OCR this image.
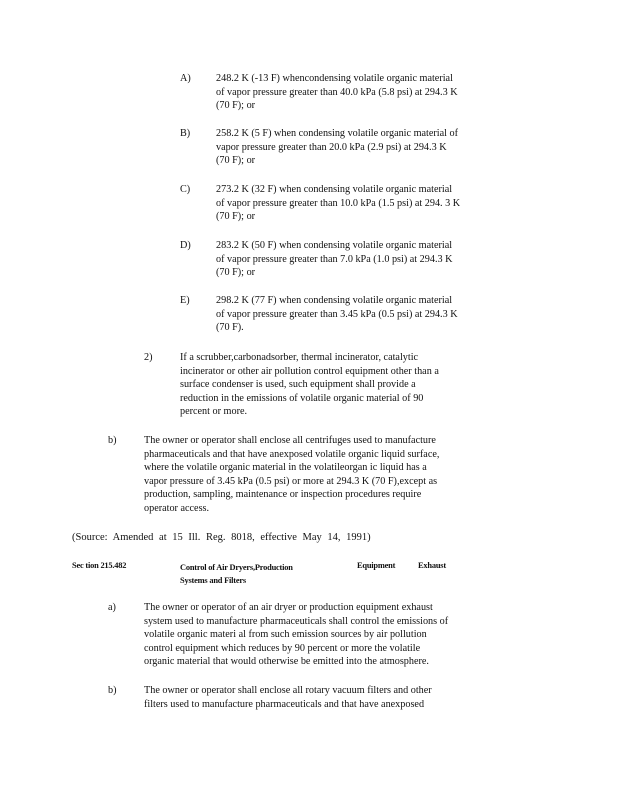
A) 248.2 K (-13 F) whencondensing volatile organic material
of vapor pressure greater than 40.0 kPa (5.8 psi) at 294.3 K
(70 F); or
B)	258.2 K (5 F) when condensing volatile organic material of
vapor pressure greater than 20.0 kPa (2.9 psi) at 294.3 K
(70 F); or
C)	273.2 K (32 F) when condensing volatile organic material
of vapor pressure greater than 10.0 kPa (1.5 psi) at 294. 3 K
(70 F); or
D) 283.2 K (50 F) when condensing volatile organic material
of vapor pressure greater than 7.0 kPa (1.0 psi) at 294.3 K
(70 F); or
E)	298.2 K (77 F) when condensing volatile organic material
of vapor pressure greater than 3.45 kPa (0.5 psi) at 294.3 K
(70 F).
2)	If a scrubber,carbonadsorber, thermal incinerator, catalytic
incinerator or other air pollution control equipment other than a
surface condenser is used, such equipment shall provide a
reduction in the emissions of volatile organic material of 90
percent or more.
b)	The owner or operator shall enclose all centrifuges used to manufacture
pharmaceuticals and that have anexposed volatile organic liquid surface,
where the volatile organic material in the volatileorgan ic liquid has a
vapor pressure of 3.45 kPa (0.5 psi) or more at 294.3 K (70 F),except as
production, sampling, maintenance or inspection procedures require
operator access.
(Source: Amended at 15 Ill. Reg. 8018, effective May 14, 1991)
Sec tion 215.482	Control of Air Dryers,Production
Systems and Filters
Equipment	Exhaust
a)	The owner or operator of an air dryer or production equipment exhaust
system used to manufacture pharmaceuticals shall control the emissions of
volatile organic materi al from such emission sources by air pollution
control equipment which reduces by 90 percent or more the volatile
organic material that would otherwise be emitted into the atmosphere.
b)	The owner or operator shall enclose all rotary vacuum filters and other
filters used to manufacture pharmaceuticals and that have anexposed
